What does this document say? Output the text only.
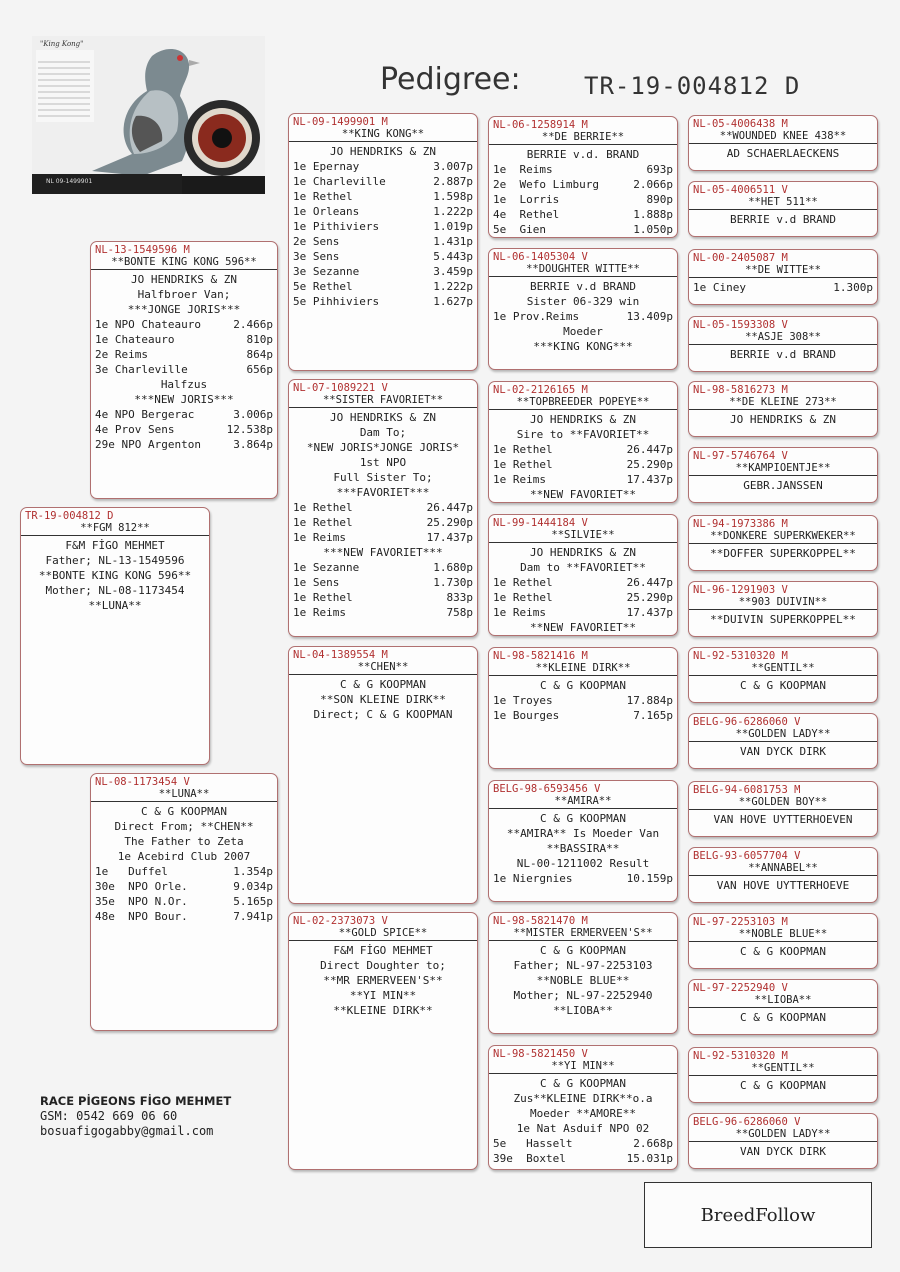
"King Kong"
NL 09-1499901
Pedigree:	TR-19-004812 D
TR-19-004812 D
**FGM 812**
F&M FİGO MEHMET
Father; NL-13-1549596
**BONTE KING KONG 596**
Mother; NL-08-1173454
**LUNA**
NL-13-1549596 M
**BONTE KING KONG 596**
JO HENDRIKS & ZN
Halfbroer Van;
***JONGE JORIS***
1e NPO Chateauro	2.466p
1e Chateauro	810p
2e Reims	864p
3e Charleville	656p
Halfzus
***NEW JORIS***
4e NPO Bergerac	3.006p
4e Prov Sens	12.538p
29e NPO Argenton	3.864p
NL-08-1173454 V
**LUNA**
C & G KOOPMAN
Direct From; **CHEN**
The Father to Zeta
1e Acebird Club 2007
1e   Duffel	1.354p
30e  NPO Orle.	9.034p
35e  NPO N.Or.	5.165p
48e  NPO Bour.	7.941p
NL-09-1499901 M
**KING KONG**
JO HENDRIKS & ZN
1e Epernay	3.007p
1e Charleville	2.887p
1e Rethel	1.598p
1e Orleans	1.222p
1e Pithiviers	1.019p
2e Sens	1.431p
3e Sens	5.443p
3e Sezanne	3.459p
5e Rethel	1.222p
5e Pihhiviers	1.627p
NL-07-1089221 V
**SISTER FAVORIET**
JO HENDRIKS & ZN
Dam To;
*NEW JORIS*JONGE JORIS*
1st NPO
Full Sister To;
***FAVORIET***
1e Rethel	26.447p
1e Rethel	25.290p
1e Reims	17.437p
***NEW FAVORIET***
1e Sezanne	1.680p
1e Sens	1.730p
1e Rethel	833p
1e Reims	758p
NL-04-1389554 M
**CHEN**
C & G KOOPMAN
**SON KLEINE DIRK**
Direct; C & G KOOPMAN
NL-02-2373073 V
**GOLD SPICE**
F&M FİGO MEHMET
Direct Doughter to;
**MR ERMERVEEN'S**
**YI MIN**
**KLEINE DIRK**
NL-06-1258914 M
**DE BERRIE**
BERRIE v.d. BRAND
1e  Reims	693p
2e  Wefo Limburg	2.066p
1e  Lorris	890p
4e  Rethel	1.888p
5e  Gien	1.050p
NL-06-1405304 V
**DOUGHTER WITTE**
BERRIE v.d BRAND
Sister 06-329 win
1e Prov.Reims	13.409p
Moeder
***KING KONG***
NL-02-2126165 M
**TOPBREEDER POPEYE**
JO HENDRIKS & ZN
Sire to **FAVORIET**
1e Rethel	26.447p
1e Rethel	25.290p
1e Reims	17.437p
**NEW FAVORIET**
NL-99-1444184 V
**SILVIE**
JO HENDRIKS & ZN
Dam to **FAVORIET**
1e Rethel	26.447p
1e Rethel	25.290p
1e Reims	17.437p
**NEW FAVORIET**
NL-98-5821416 M
**KLEINE DIRK**
C & G KOOPMAN
1e Troyes	17.884p
1e Bourges	7.165p
BELG-98-6593456 V
**AMIRA**
C & G KOOPMAN
**AMIRA** Is Moeder Van
**BASSIRA**
NL-00-1211002 Result
1e Niergnies	10.159p
NL-98-5821470 M
**MISTER ERMERVEEN'S**
C & G KOOPMAN
Father; NL-97-2253103
**NOBLE BLUE**
Mother; NL-97-2252940
**LIOBA**
NL-98-5821450 V
**YI MIN**
C & G KOOPMAN
Zus**KLEINE DIRK**o.a
Moeder **AMORE**
1e Nat Asduif NPO 02
5e   Hasselt	2.668p
39e  Boxtel	15.031p
NL-05-4006438 M
**WOUNDED KNEE 438**
AD SCHAERLAECKENS
NL-05-4006511 V
**HET 511**
BERRIE v.d BRAND
NL-00-2405087 M
**DE WITTE**
1e Ciney	1.300p
NL-05-1593308 V
**ASJE 308**
BERRIE v.d BRAND
NL-98-5816273 M
**DE KLEINE 273**
JO HENDRIKS & ZN
NL-97-5746764 V
**KAMPIOENTJE**
GEBR.JANSSEN
NL-94-1973386 M
**DONKERE SUPERKWEKER**
**DOFFER SUPERKOPPEL**
NL-96-1291903 V
**903 DUIVIN**
**DUIVIN SUPERKOPPEL**
NL-92-5310320 M
**GENTIL**
C & G KOOPMAN
BELG-96-6286060 V
**GOLDEN LADY**
VAN DYCK DIRK
BELG-94-6081753 M
**GOLDEN BOY**
VAN HOVE UYTTERHOEVEN
BELG-93-6057704 V
**ANNABEL**
VAN HOVE UYTTERHOEVE
NL-97-2253103 M
**NOBLE BLUE**
C & G KOOPMAN
NL-97-2252940 V
**LIOBA**
C & G KOOPMAN
NL-92-5310320 M
**GENTIL**
C & G KOOPMAN
BELG-96-6286060 V
**GOLDEN LADY**
VAN DYCK DIRK
RACE PİGEONS FİGO MEHMET
GSM: 0542 669 06 60
bosuafigogabby@gmail.com
BreedFollow
